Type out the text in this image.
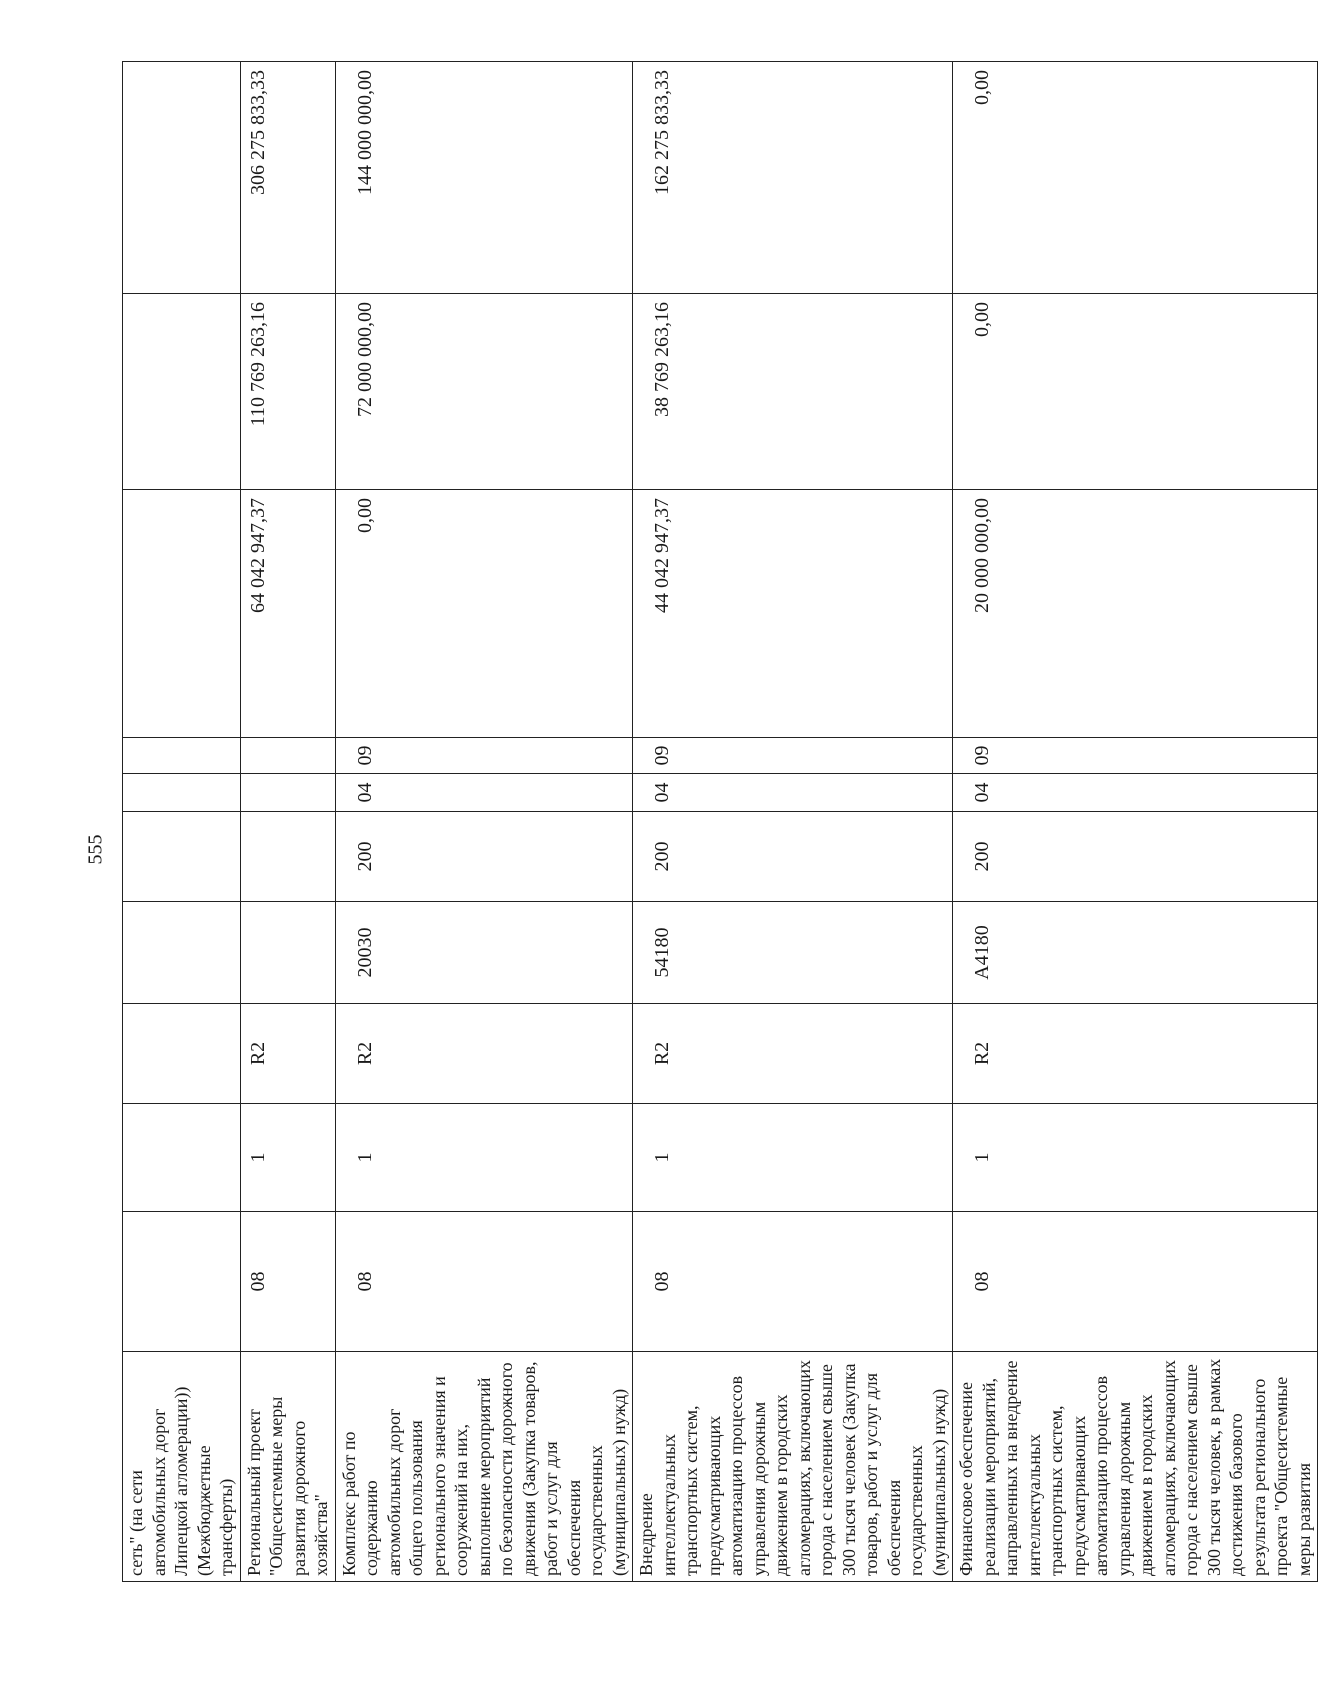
555
сеть" (на сети автомобильных дорог Липецкой агломерации)) (Межбюджетные трансферты)										
Региональный проект "Общесистемные меры развития дорожного хозяйства"	08	1	R2					64 042 947,37	110 769 263,16	306 275 833,33
Комплекс работ по содержанию автомобильных дорог общего пользования регионального значения и сооружений на них, выполнение мероприятий по безопасности дорожного движения (Закупка товаров, работ и услуг для обеспечения государственных (муниципальных) нужд)	08	1	R2	20030	200	04	09	0,00	72 000 000,00	144 000 000,00
Внедрение интеллектуальных транспортных систем, предусматривающих автоматизацию процессов управления дорожным движением в городских агломерациях, включающих города с населением свыше 300 тысяч человек (Закупка товаров, работ и услуг для обеспечения государственных (муниципальных) нужд)	08	1	R2	54180	200	04	09	44 042 947,37	38 769 263,16	162 275 833,33
Финансовое обеспечение реализации мероприятий, направленных на внедрение интеллектуальных транспортных систем, предусматривающих автоматизацию процессов управления дорожным движением в городских агломерациях, включающих города с населением свыше 300 тысяч человек, в рамках достижения базового результата регионального проекта "Общесистемные меры развития	08	1	R2	А4180	200	04	09	20 000 000,00	0,00	0,00
